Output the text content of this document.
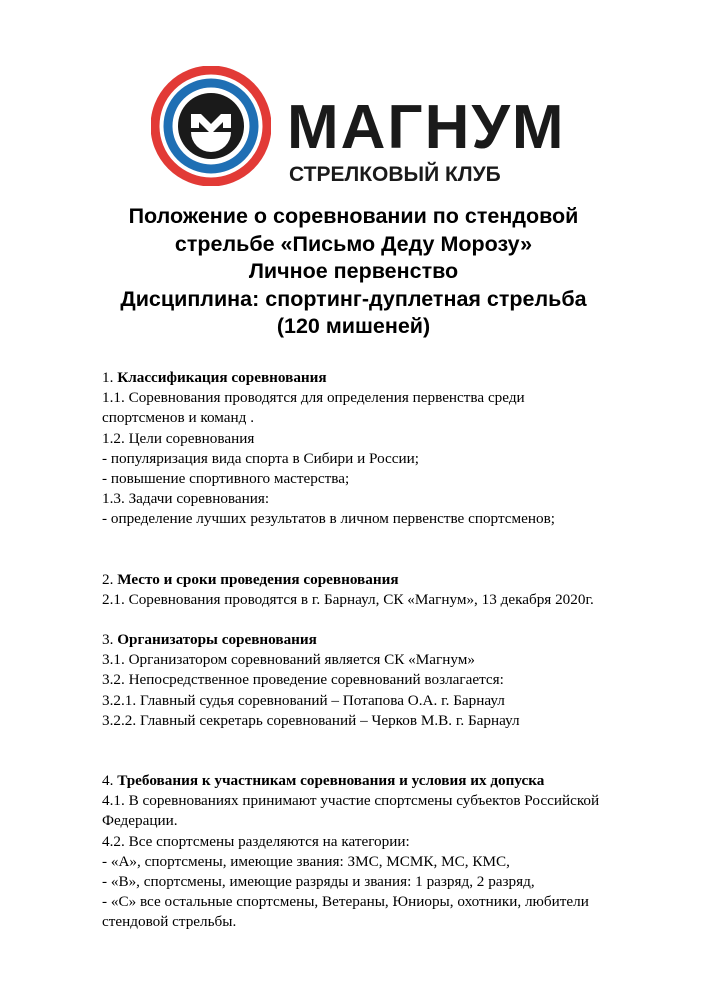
МАГНУМ
СТРЕЛКОВЫЙ КЛУБ
Положение о соревновании по стендовой
стрельбе «Письмо Деду Морозу»
Личное первенство
Дисциплина: спортинг-дуплетная стрельба
(120 мишеней)

1. Классификация соревнования

1.1. Соревнования проводятся для определения первенства среди

спортсменов и команд .

1.2. Цели соревнования

- популяризация вида спорта в Сибири и России;

- повышение спортивного мастерства;

1.3. Задачи соревнования:

- определение лучших результатов в личном первенстве спортсменов;

2. Место и сроки проведения соревнования

2.1. Соревнования проводятся в г. Барнаул, СК «Магнум», 13 декабря 2020г.

3. Организаторы соревнования

3.1. Организатором соревнований является СК «Магнум»

3.2. Непосредственное проведение соревнований возлагается:

3.2.1. Главный судья соревнований – Потапова О.А. г. Барнаул

3.2.2. Главный секретарь соревнований – Черков М.В. г. Барнаул

4. Требования к участникам соревнования и условия их допуска

4.1. В соревнованиях принимают участие спортсмены субъектов Российской

Федерации.

4.2. Все спортсмены разделяются на категории:

- «А», спортсмены, имеющие звания: ЗМС, МСМК, МС, КМС,

- «В», спортсмены, имеющие разряды и звания: 1 разряд, 2 разряд,

- «С» все остальные спортсмены, Ветераны, Юниоры, охотники, любители

стендовой стрельбы.
